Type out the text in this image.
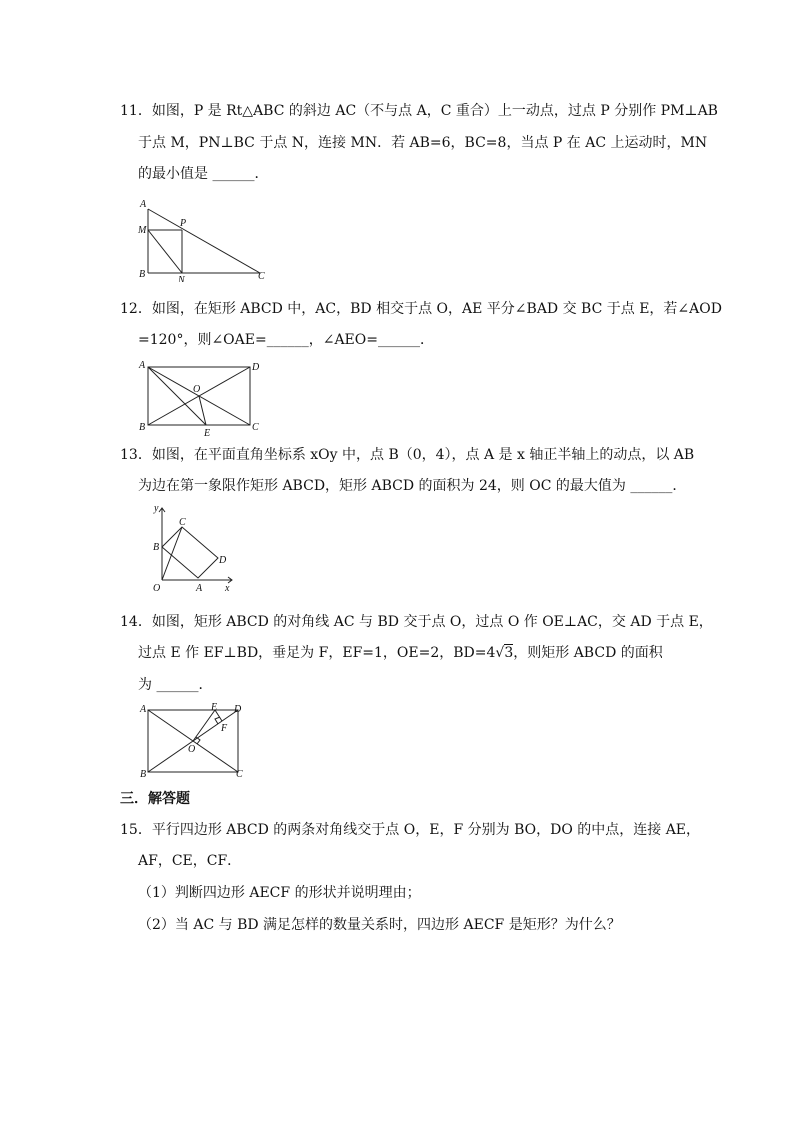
11．如图，P 是 Rt△ABC 的斜边 AC（不与点 A，C 重合）上一动点，过点 P 分别作 PM⊥AB
于点 M，PN⊥BC 于点 N，连接 MN．若 AB=6，BC=8，当点 P 在 AC 上运动时，MN
的最小值是 ______．
A
P
M
B
N	C
12．如图，在矩形 ABCD 中，AC，BD 相交于点 O，AE 平分∠BAD 交 BC 于点 E，若∠AOD
=120°，则∠OAE=______，∠AEO=______．
A	D
O
B
E
C
13．如图，在平面直角坐标系 xOy 中，点 B（0，4），点 A 是 x 轴正半轴上的动点，以 AB
为边在第一象限作矩形 ABCD，矩形 ABCD 的面积为 24，则 OC 的最大值为 ______．
y
C
B
D
O	A x
14．如图，矩形 ABCD 的对角线 AC 与 BD 交于点 O，过点 O 作 OE⊥AC，交 AD 于点 E，
过点 E 作 EF⊥BD，垂足为 F，EF=1，OE=2，BD=4√3，则矩形 ABCD 的面积
为 ______．
A	E D
F
O
B	C
三．解答题
15．平行四边形 ABCD 的两条对角线交于点 O，E，F 分别为 BO，DO 的中点，连接 AE，
AF，CE，CF．
（1）判断四边形 AECF 的形状并说明理由；
（2）当 AC 与 BD 满足怎样的数量关系时，四边形 AECF 是矩形？为什么？
